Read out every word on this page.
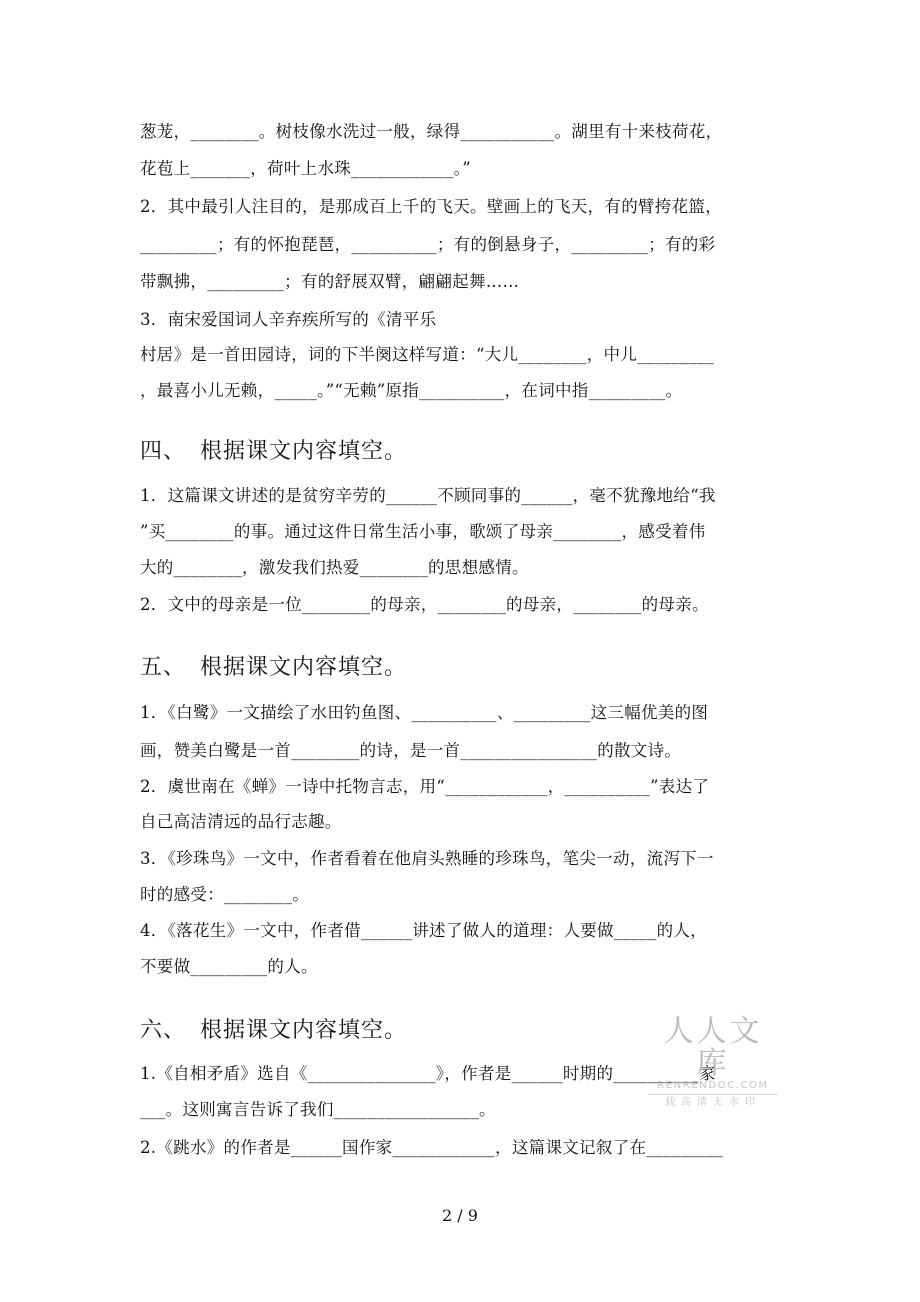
葱茏，________。树枝像水洗过一般，绿得___________。湖里有十来枝荷花，
花苞上_______，荷叶上水珠____________。”
2．其中最引人注目的，是那成百上千的飞天。壁画上的飞天，有的臂挎花篮，
_________；有的怀抱琵琶，__________；有的倒悬身子，_________；有的彩
带飘拂，_________；有的舒展双臂，翩翩起舞……
3．南宋爱国词人辛弃疾所写的《清平乐
村居》是一首田园诗，词的下半阕这样写道：“大儿________，中儿_________
，最喜小儿无赖，_____。”“无赖”原指__________，在词中指_________。
四、 根据课文内容填空。
1．这篇课文讲述的是贫穷辛劳的______不顾同事的______，毫不犹豫地给“我
”买________的事。通过这件日常生活小事，歌颂了母亲________，感受着伟
大的________，激发我们热爱________的思想感情。
2．文中的母亲是一位________的母亲，________的母亲，________的母亲。
五、 根据课文内容填空。
1．《白鹭》一文描绘了水田钓鱼图、__________、_________这三幅优美的图
画，赞美白鹭是一首________的诗，是一首________________的散文诗。
2．虞世南在《蝉》一诗中托物言志，用“____________，__________”表达了
自己高洁清远的品行志趣。
3．《珍珠鸟》一文中，作者看着在他肩头熟睡的珍珠鸟，笔尖一动，流泻下一
时的感受：________。
4．《落花生》一文中，作者借______讲述了做人的道理：人要做_____的人，
不要做_________的人。
六、 根据课文内容填空。
1.《自相矛盾》选自《_______________》，作者是______时期的__________家
___。这则寓言告诉了我们_________________。
2.《跳水》的作者是______国作家____________，这篇课文记叙了在_________
人人文库
RENRENDOC.COM
载高清无水印
2 / 9
